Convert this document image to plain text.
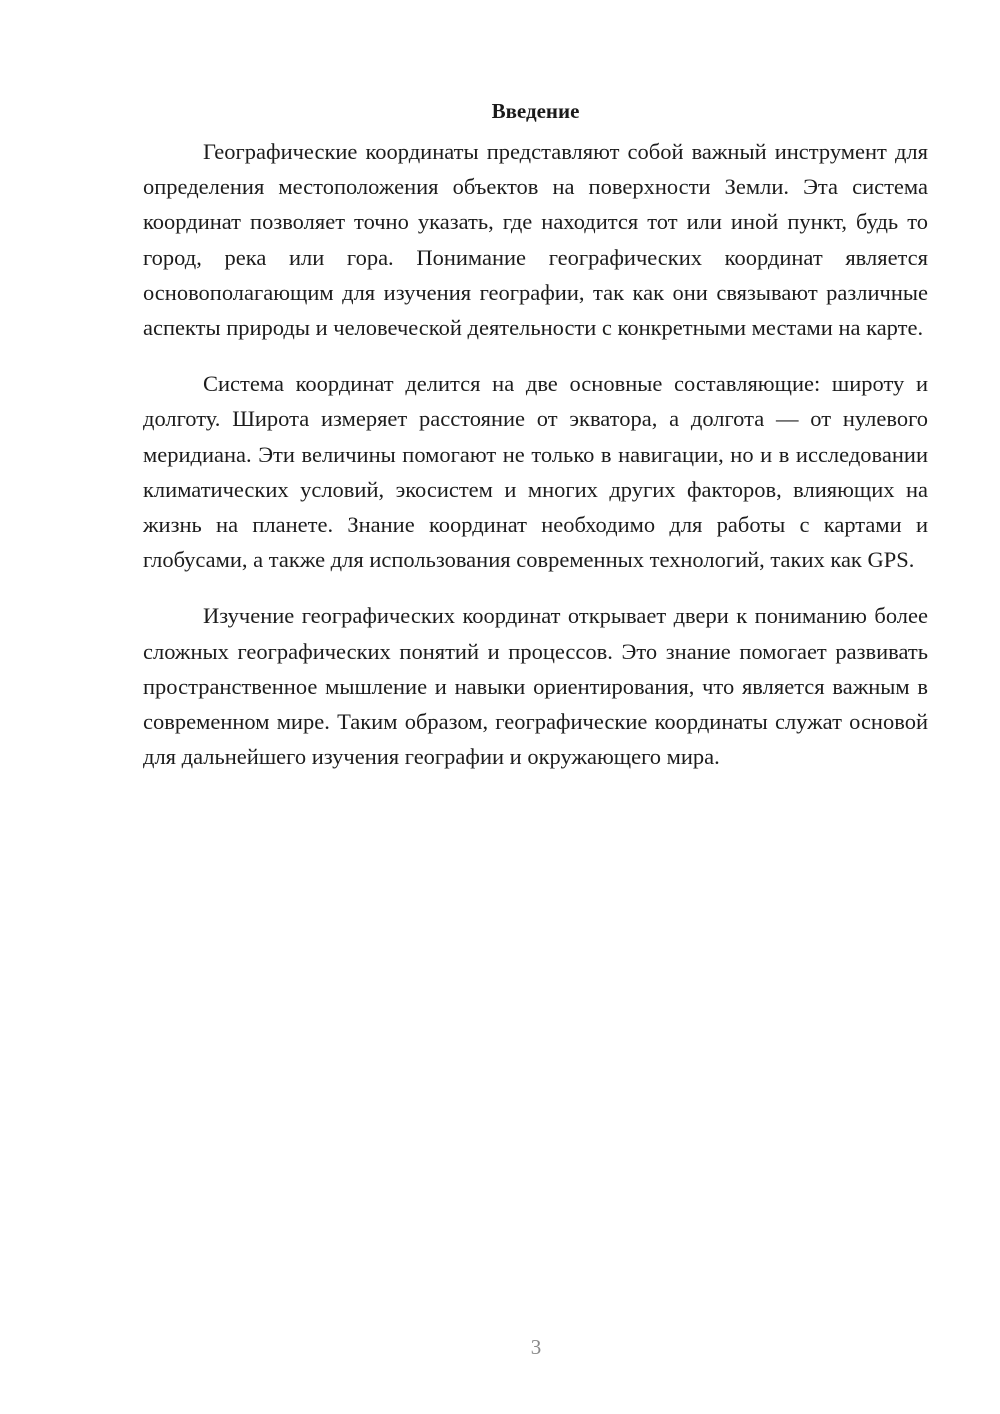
Введение

Географические координаты представляют собой важный инструмент для определения местоположения объектов на поверхности Земли. Эта система координат позволяет точно указать, где находится тот или иной пункт, будь то город, река или гора. Понимание географических координат является основополагающим для изучения географии, так как они связывают различные аспекты природы и человеческой деятельности с конкретными местами на карте.

Система координат делится на две основные составляющие: широту и долготу. Широта измеряет расстояние от экватора, а долгота — от нулевого меридиана. Эти величины помогают не только в навигации, но и в исследовании климатических условий, экосистем и многих других факторов, влияющих на жизнь на планете. Знание координат необходимо для работы с картами и глобусами, а также для использования современных технологий, таких как GPS.

Изучение географических координат открывает двери к пониманию более сложных географических понятий и процессов. Это знание помогает развивать пространственное мышление и навыки ориентирования, что является важным в современном мире. Таким образом, географические координаты служат основой для дальнейшего изучения географии и окружающего мира.

3
